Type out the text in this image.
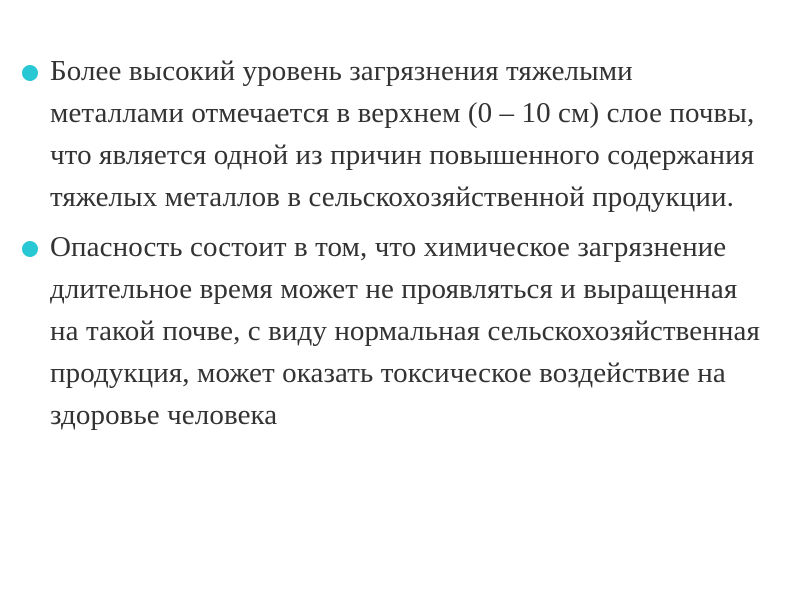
Более высокий уровень загрязнения тяжелыми металлами отмечается в верхнем (0 – 10 см) слое почвы, что является одной из причин повышенного содержания тяжелых металлов в сельскохозяйственной продукции.
Опасность состоит в том, что химическое загрязнение длительное время может не проявляться и выращенная на такой почве, с виду нормальная сельскохозяйственная продукция, может оказать токсическое воздействие на здоровье человека
